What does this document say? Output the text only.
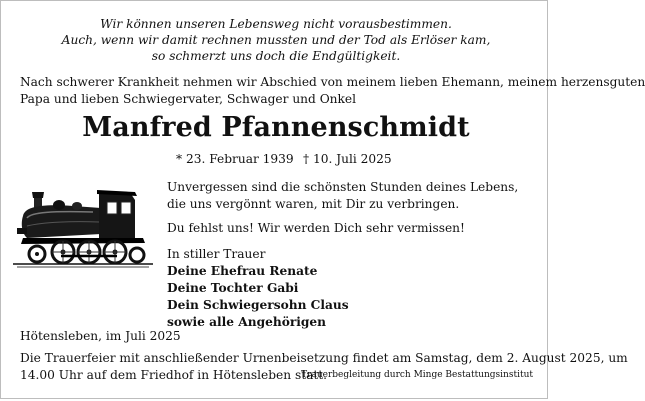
Wir können unseren Lebensweg nicht vorausbestimmen.
Auch, wenn wir damit rechnen mussten und der Tod als Erlöser kam,
so schmerzt uns doch die Endgültigkeit.
Nach schwerer Krankheit nehmen wir Abschied von meinem lieben Ehemann, meinem herzensguten
Papa und lieben Schwiegervater, Schwager und Onkel
Manfred Pfannenschmidt
* 23. Februar 1939 † 10. Juli 2025
Unvergessen sind die schönsten Stunden deines Lebens,
die uns vergönnt waren, mit Dir zu verbringen.
Du fehlst uns! Wir werden Dich sehr vermissen!
In stiller Trauer
Deine Ehefrau Renate
Deine Tochter Gabi
Dein Schwiegersohn Claus
sowie alle Angehörigen
Hötensleben, im Juli 2025
Die Trauerfeier mit anschließender Urnenbeisetzung findet am Samstag, dem 2. August 2025, um
14.00 Uhr auf dem Friedhof in Hötensleben statt.
Trauerbegleitung durch Minge Bestattungsinstitut
